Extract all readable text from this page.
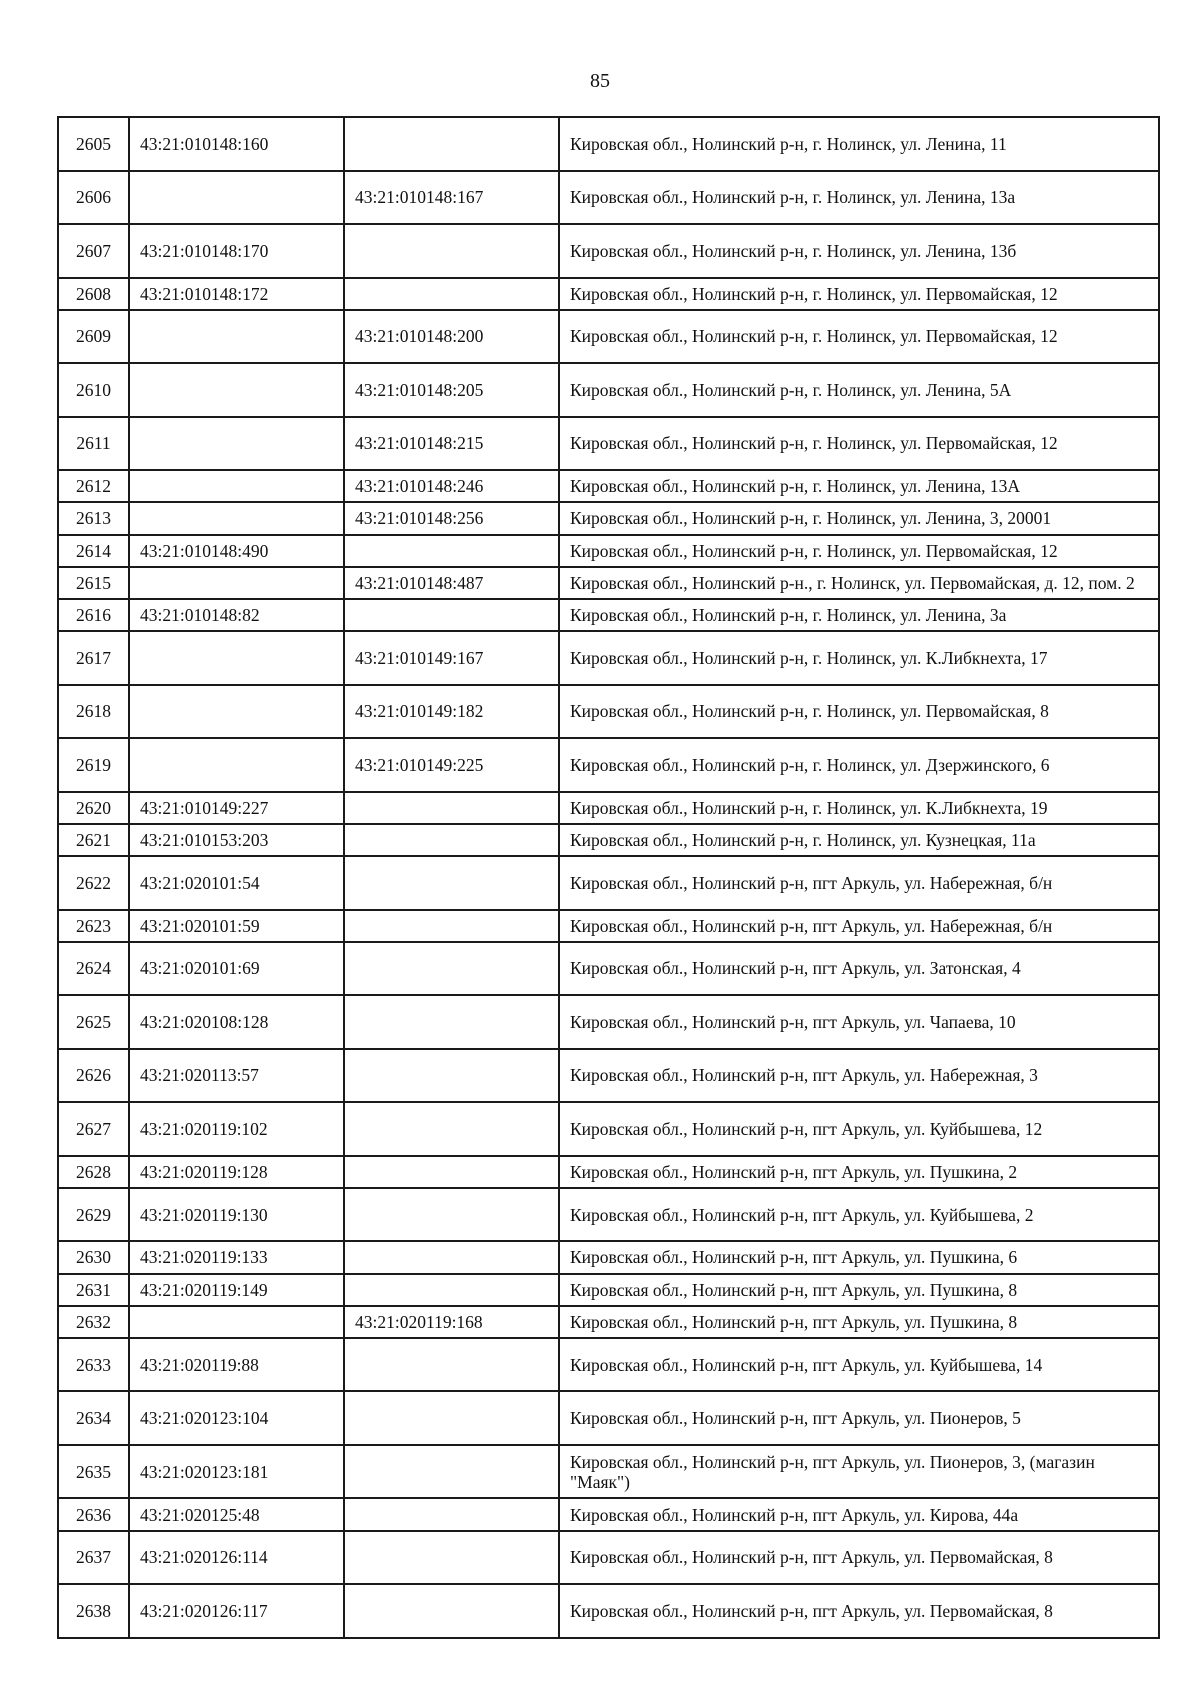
85
2605	43:21:010148:160		Кировская обл., Нолинский р-н, г. Нолинск, ул. Ленина, 11
2606		43:21:010148:167	Кировская обл., Нолинский р-н, г. Нолинск, ул. Ленина, 13а
2607	43:21:010148:170		Кировская обл., Нолинский р-н, г. Нолинск, ул. Ленина, 13б
2608	43:21:010148:172		Кировская обл., Нолинский р-н, г. Нолинск, ул. Первомайская, 12
2609		43:21:010148:200	Кировская обл., Нолинский р-н, г. Нолинск, ул. Первомайская, 12
2610		43:21:010148:205	Кировская обл., Нолинский р-н, г. Нолинск, ул. Ленина, 5А
2611		43:21:010148:215	Кировская обл., Нолинский р-н, г. Нолинск, ул. Первомайская, 12
2612		43:21:010148:246	Кировская обл., Нолинский р-н, г. Нолинск, ул. Ленина, 13А
2613		43:21:010148:256	Кировская обл., Нолинский р-н, г. Нолинск, ул. Ленина, 3, 20001
2614	43:21:010148:490		Кировская обл., Нолинский р-н, г. Нолинск, ул. Первомайская, 12
2615		43:21:010148:487	Кировская обл., Нолинский р-н., г. Нолинск, ул. Первомайская, д. 12, пом. 2
2616	43:21:010148:82		Кировская обл., Нолинский р-н, г. Нолинск, ул. Ленина, 3а
2617		43:21:010149:167	Кировская обл., Нолинский р-н, г. Нолинск, ул. К.Либкнехта, 17
2618		43:21:010149:182	Кировская обл., Нолинский р-н, г. Нолинск, ул. Первомайская, 8
2619		43:21:010149:225	Кировская обл., Нолинский р-н, г. Нолинск, ул. Дзержинского, 6
2620	43:21:010149:227		Кировская обл., Нолинский р-н, г. Нолинск, ул. К.Либкнехта, 19
2621	43:21:010153:203		Кировская обл., Нолинский р-н, г. Нолинск, ул. Кузнецкая, 11а
2622	43:21:020101:54		Кировская обл., Нолинский р-н, пгт Аркуль, ул. Набережная, б/н
2623	43:21:020101:59		Кировская обл., Нолинский р-н, пгт Аркуль, ул. Набережная, б/н
2624	43:21:020101:69		Кировская обл., Нолинский р-н, пгт Аркуль, ул. Затонская, 4
2625	43:21:020108:128		Кировская обл., Нолинский р-н, пгт Аркуль, ул. Чапаева, 10
2626	43:21:020113:57		Кировская обл., Нолинский р-н, пгт Аркуль, ул. Набережная, 3
2627	43:21:020119:102		Кировская обл., Нолинский р-н, пгт Аркуль, ул. Куйбышева, 12
2628	43:21:020119:128		Кировская обл., Нолинский р-н, пгт Аркуль, ул. Пушкина, 2
2629	43:21:020119:130		Кировская обл., Нолинский р-н, пгт Аркуль, ул. Куйбышева, 2
2630	43:21:020119:133		Кировская обл., Нолинский р-н, пгт Аркуль, ул. Пушкина, 6
2631	43:21:020119:149		Кировская обл., Нолинский р-н, пгт Аркуль, ул. Пушкина, 8
2632		43:21:020119:168	Кировская обл., Нолинский р-н, пгт Аркуль, ул. Пушкина, 8
2633	43:21:020119:88		Кировская обл., Нолинский р-н, пгт Аркуль, ул. Куйбышева, 14
2634	43:21:020123:104		Кировская обл., Нолинский р-н, пгт Аркуль, ул. Пионеров, 5
2635	43:21:020123:181		Кировская обл., Нолинский р-н, пгт Аркуль, ул. Пионеров, 3, (магазин "Маяк")
2636	43:21:020125:48		Кировская обл., Нолинский р-н, пгт Аркуль, ул. Кирова, 44а
2637	43:21:020126:114		Кировская обл., Нолинский р-н, пгт Аркуль, ул. Первомайская, 8
2638	43:21:020126:117		Кировская обл., Нолинский р-н, пгт Аркуль, ул. Первомайская, 8
